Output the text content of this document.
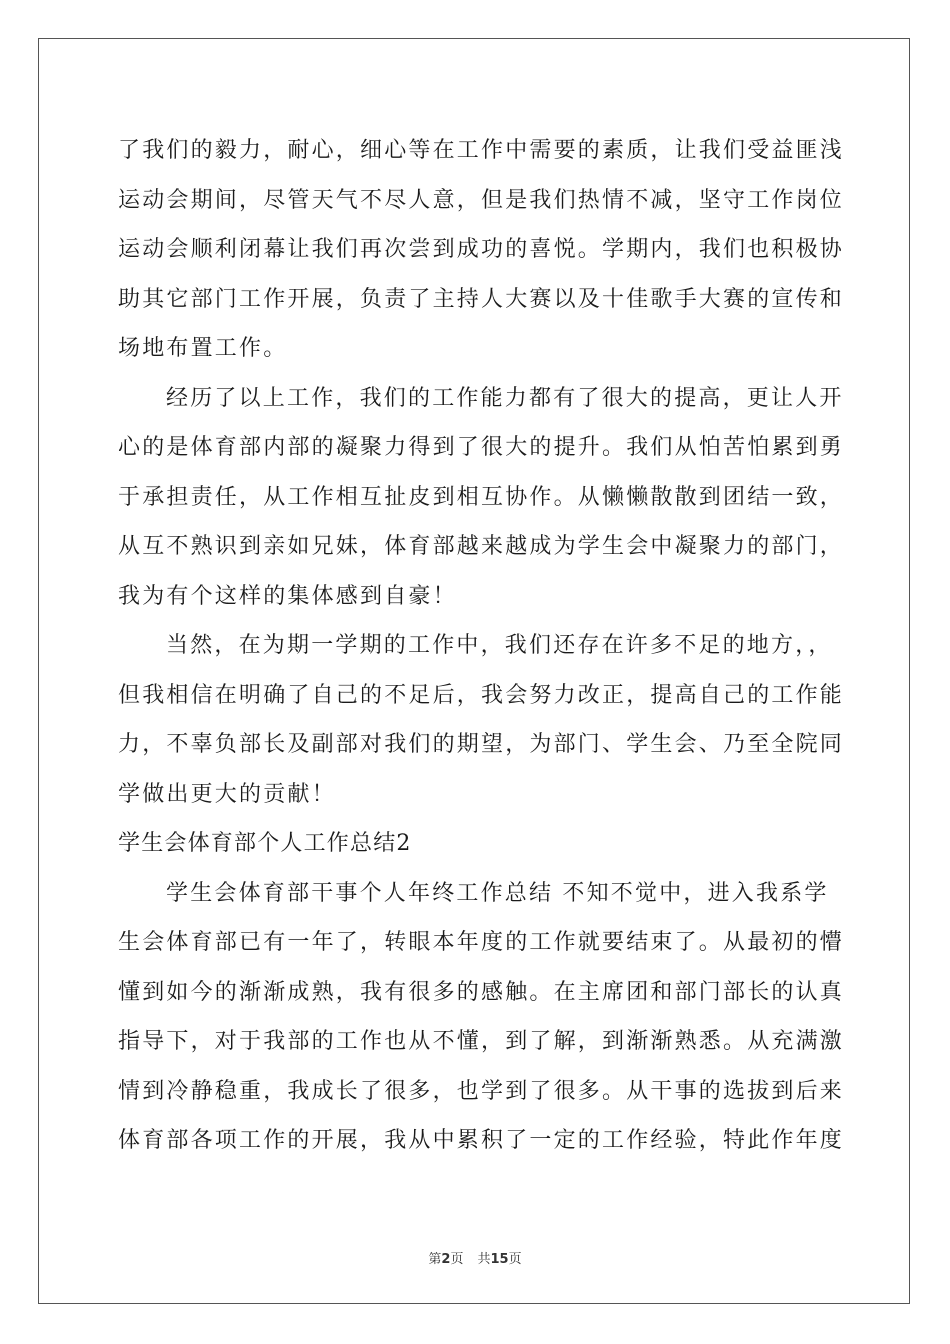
了我们的毅力，耐心，细心等在工作中需要的素质，让我们受益匪浅
运动会期间，尽管天气不尽人意，但是我们热情不减，坚守工作岗位
运动会顺利闭幕让我们再次尝到成功的喜悦。学期内，我们也积极协
助其它部门工作开展，负责了主持人大赛以及十佳歌手大赛的宣传和
场地布置工作。
经历了以上工作，我们的工作能力都有了很大的提高，更让人开
心的是体育部内部的凝聚力得到了很大的提升。我们从怕苦怕累到勇
于承担责任，从工作相互扯皮到相互协作。从懒懒散散到团结一致，
从互不熟识到亲如兄妹，体育部越来越成为学生会中凝聚力的部门，
我为有个这样的集体感到自豪！
当然，在为期一学期的工作中，我们还存在许多不足的地方，，
但我相信在明确了自己的不足后，我会努力改正，提高自己的工作能
力，不辜负部长及副部对我们的期望，为部门、学生会、乃至全院同
学做出更大的贡献！
学生会体育部个人工作总结2
学生会体育部干事个人年终工作总结 不知不觉中，进入我系学
生会体育部已有一年了，转眼本年度的工作就要结束了。从最初的懵
懂到如今的渐渐成熟，我有很多的感触。在主席团和部门部长的认真
指导下，对于我部的工作也从不懂，到了解，到渐渐熟悉。从充满激
情到冷静稳重，我成长了很多，也学到了很多。从干事的选拔到后来
体育部各项工作的开展，我从中累积了一定的工作经验，特此作年度
第2页 共15页
